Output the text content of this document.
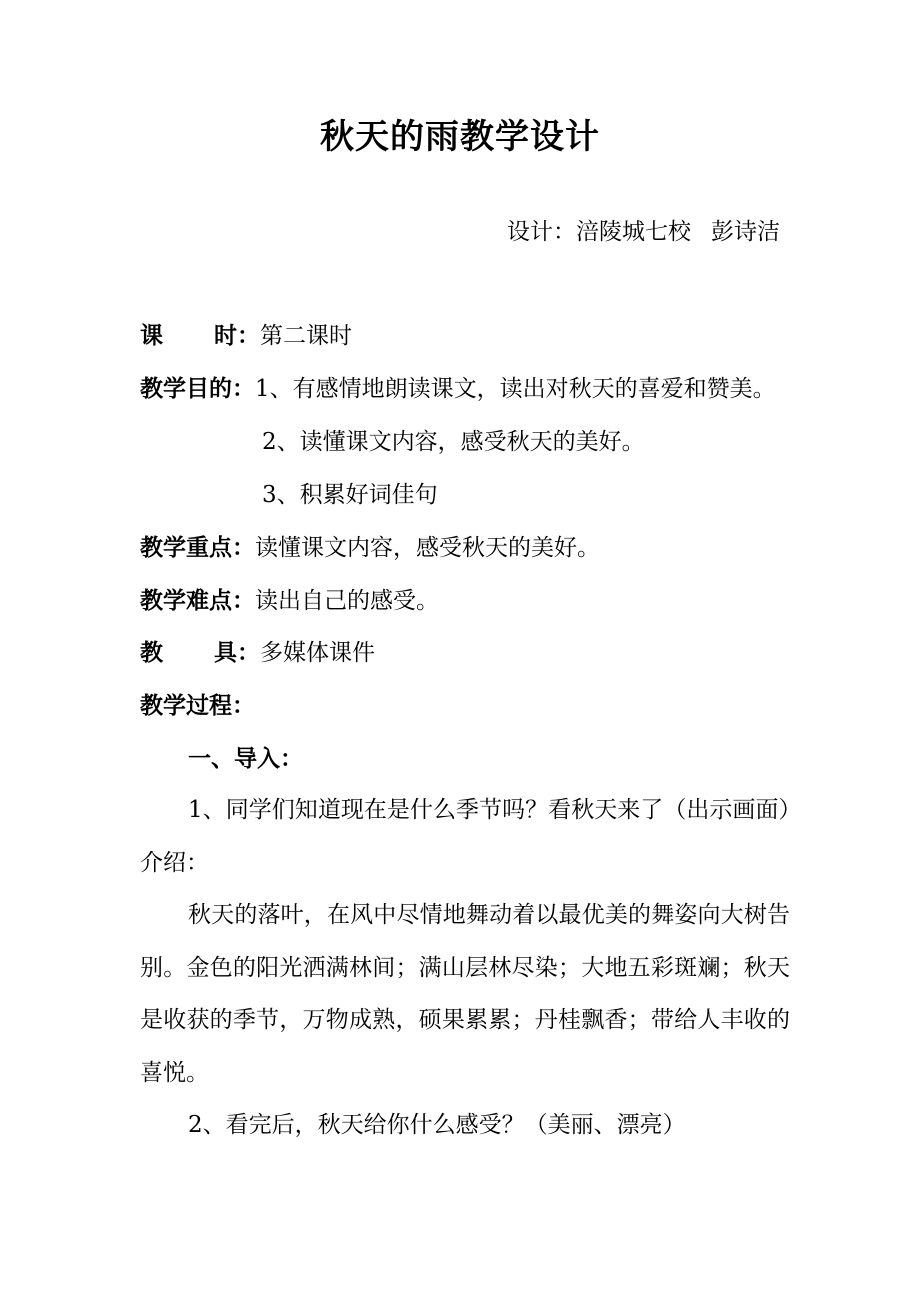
秋天的雨教学设计
设计：涪陵城七校 彭诗洁
课 时：第二课时
教学目的：1、有感情地朗读课文，读出对秋天的喜爱和赞美。
2、读懂课文内容，感受秋天的美好。
3、积累好词佳句
教学重点：读懂课文内容，感受秋天的美好。
教学难点：读出自己的感受。
教 具：多媒体课件
教学过程：
一、导入：
1、同学们知道现在是什么季节吗？看秋天来了（出示画面）介绍：
秋天的落叶，在风中尽情地舞动着以最优美的舞姿向大树告别。金色的阳光洒满林间；满山层林尽染；大地五彩斑斓；秋天是收获的季节，万物成熟，硕果累累；丹桂飘香；带给人丰收的喜悦。
2、看完后，秋天给你什么感受？（美丽、漂亮）
